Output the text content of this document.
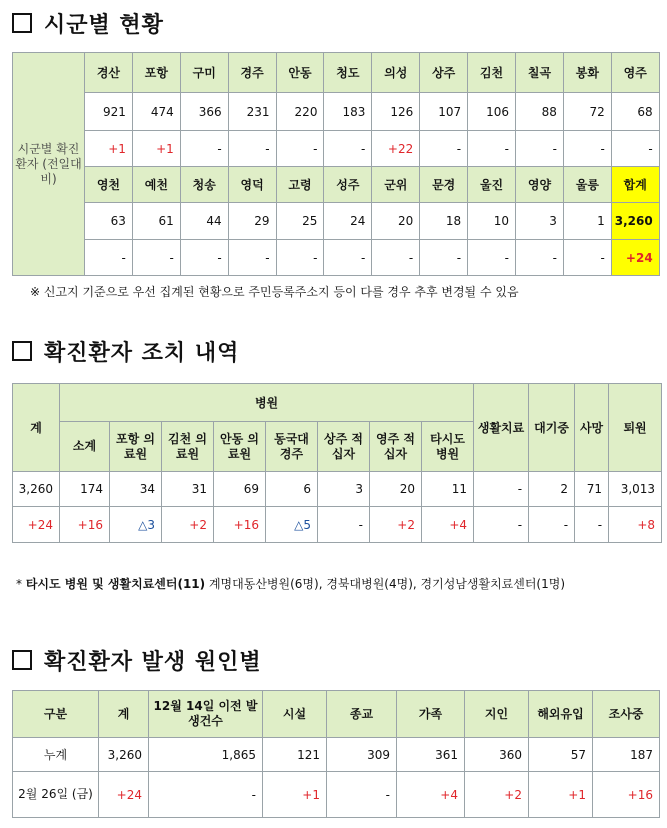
시군별 현황
시군별 확진환자 (전일대비)	경산	포항	구미	경주	안동	청도	의성	상주	김천	칠곡	봉화	영주
	921	474	366	231	220	183	126	107	106	88	72	68
	+1	+1	-	-	-	-	+22	-	-	-	-	-
	영천	예천	청송	영덕	고령	성주	군위	문경	울진	영양	울릉	합계
	63	61	44	29	25	24	20	18	10	3	1	3,260
	-	-	-	-	-	-	-	-	-	-	-	+24
※ 신고지 기준으로 우선 집계된 현황으로 주민등록주소지 등이 다를 경우 추후 변경될 수 있음
확진환자 조치 내역
계	병원								생활치료	대기중	사망	퇴원
	소계	포항 의료원	김천 의료원	안동 의료원	동국대 경주	상주 적십자	영주 적십자	타시도 병원				
3,260	174	34	31	69	6	3	20	11	-	2	71	3,013
+24	+16	△3	+2	+16	△5	-	+2	+4	-	-	-	+8
* 타시도 병원 및 생활치료센터(11) 계명대동산병원(6명), 경북대병원(4명), 경기성남생활치료센터(1명)
확진환자 발생 원인별
구분	계	12월 14일 이전 발생건수	시설	종교	가족	지인	해외유입	조사중
누계	3,260	1,865	121	309	361	360	57	187
2월 26일 (금)	+24	-	+1	-	+4	+2	+1	+16
